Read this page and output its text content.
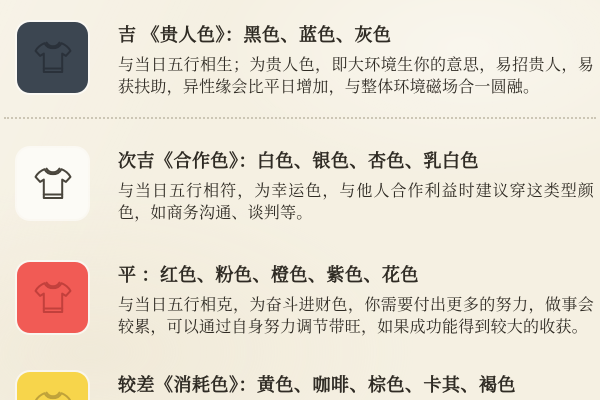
吉 《贵人色》：黑色、蓝色、灰色
与当日五行相生；为贵人色，即大环境生你的意思，易招贵人，易获扶助，异性缘会比平日增加，与整体环境磁场合一圆融。
次吉《合作色》：白色、银色、杏色、乳白色
与当日五行相符，为幸运色，与他人合作利益时建议穿这类型颜色，如商务沟通、谈判等。
平 ：红色、粉色、橙色、紫色、花色
与当日五行相克，为奋斗进财色，你需要付出更多的努力，做事会较累，可以通过自身努力调节带旺，如果成功能得到较大的收获。
较差《消耗色》：黄色、咖啡、棕色、卡其、褐色
